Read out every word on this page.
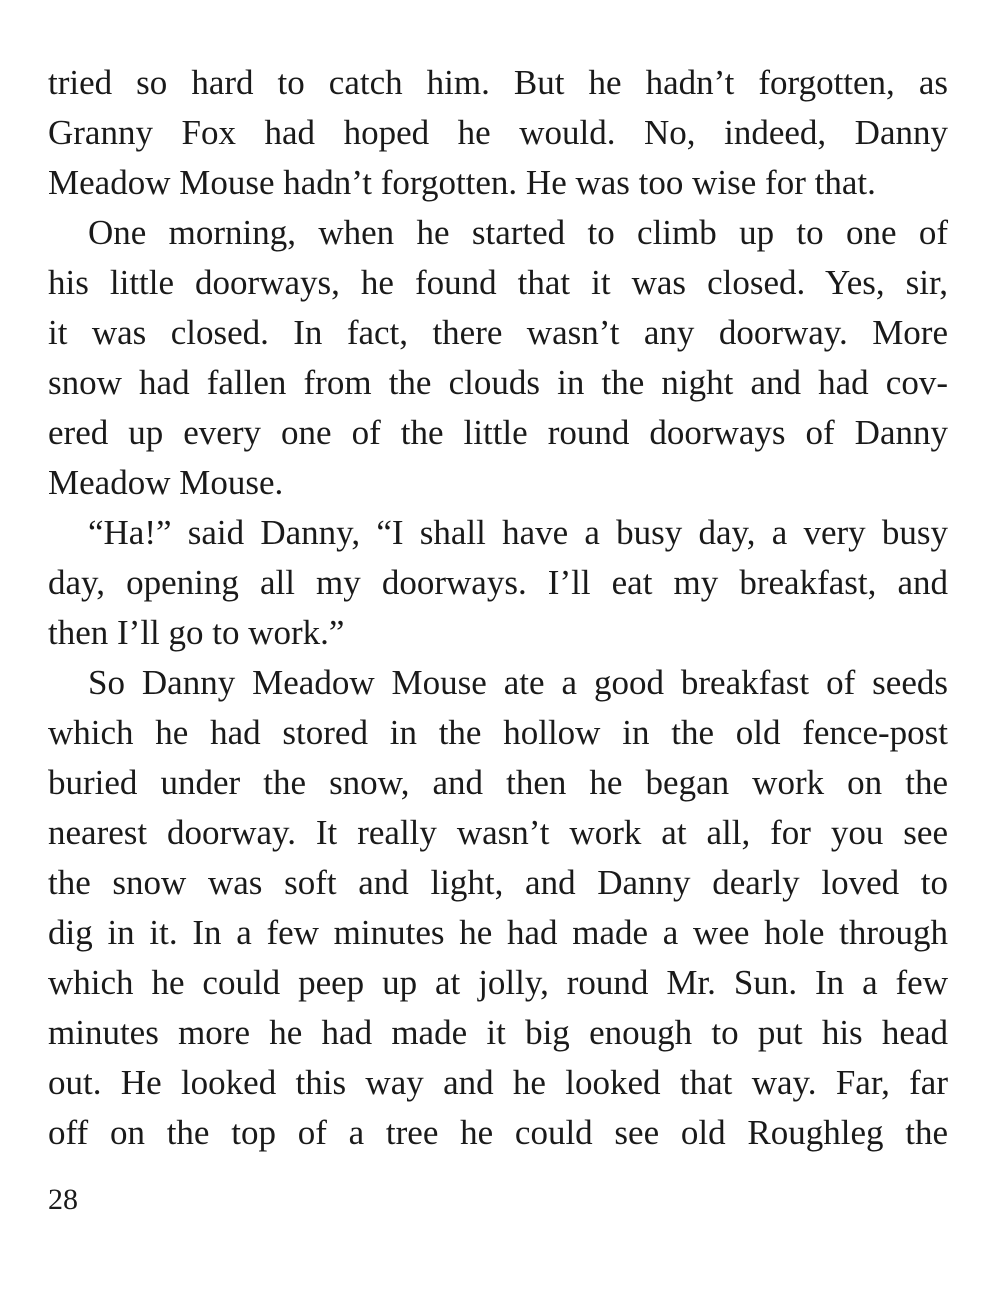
tried so hard to catch him. But he hadn’t forgotten, as
Granny Fox had hoped he would. No, indeed, Danny
Meadow Mouse hadn’t forgotten. He was too wise for that.
One morning, when he started to climb up to one of
his little doorways, he found that it was closed. Yes, sir,
it was closed. In fact, there wasn’t any doorway. More
snow had fallen from the clouds in the night and had cov-
ered up every one of the little round doorways of Danny
Meadow Mouse.
“Ha!” said Danny, “I shall have a busy day, a very busy
day, opening all my doorways. I’ll eat my breakfast, and
then I’ll go to work.”
So Danny Meadow Mouse ate a good breakfast of seeds
which he had stored in the hollow in the old fence-post
buried under the snow, and then he began work on the
nearest doorway. It really wasn’t work at all, for you see
the snow was soft and light, and Danny dearly loved to
dig in it. In a few minutes he had made a wee hole through
which he could peep up at jolly, round Mr. Sun. In a few
minutes more he had made it big enough to put his head
out. He looked this way and he looked that way. Far, far
off on the top of a tree he could see old Roughleg the
28
